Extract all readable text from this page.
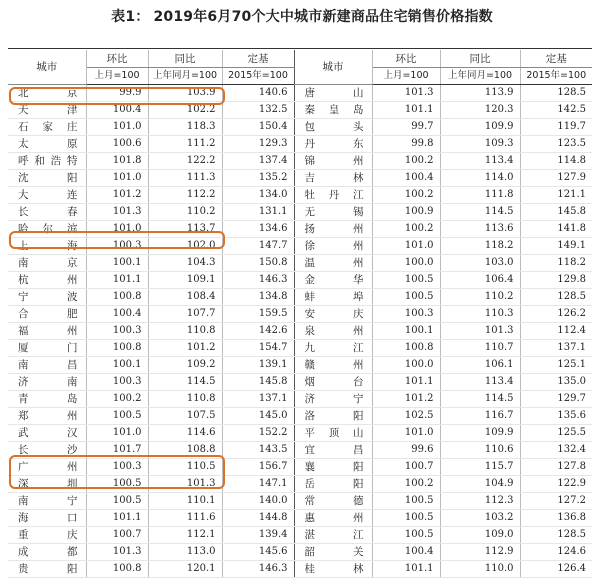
表1： 2019年6月70个大中城市新建商品住宅销售价格指数
城市	环比	同比	定基	城市	环比	同比	定基
	上月=100	上年同月=100	2015年=100		上月=100	上年同月=100	2015年=100
北　京	99.9	103.9	140.6	唐　山	101.3	113.9	128.5
天　津	100.4	102.2	132.5	秦皇岛	101.1	120.3	142.5
石家庄	101.0	118.3	150.4	包　头	99.7	109.9	119.7
太　原	100.6	111.2	129.3	丹　东	99.8	109.3	123.5
呼和浩特	101.8	122.2	137.4	锦　州	100.2	113.4	114.8
沈　阳	101.0	111.3	135.2	吉　林	100.4	114.0	127.9
大　连	101.2	112.2	134.0	牡丹江	100.2	111.8	121.1
长　春	101.3	110.2	131.1	无　锡	100.9	114.5	145.8
哈尔滨	101.0	113.7	134.6	扬　州	100.2	113.6	141.8
上　海	100.3	102.0	147.7	徐　州	101.0	118.2	149.1
南　京	100.1	104.3	150.8	温　州	100.0	103.0	118.2
杭　州	101.1	109.1	146.3	金　华	100.5	106.4	129.8
宁　波	100.8	108.4	134.8	蚌　埠	100.5	110.2	128.5
合　肥	100.4	107.7	159.5	安　庆	100.3	110.3	126.2
福　州	100.3	110.8	142.6	泉　州	100.1	101.3	112.4
厦　门	100.8	101.2	154.7	九　江	100.8	110.7	137.1
南　昌	100.1	109.2	139.1	赣　州	100.0	106.1	125.1
济　南	100.3	114.5	145.8	烟　台	101.1	113.4	135.0
青　岛	100.2	110.8	137.1	济　宁	101.2	114.5	129.7
郑　州	100.5	107.5	145.0	洛　阳	102.5	116.7	135.6
武　汉	101.0	114.6	152.2	平顶山	101.0	109.9	125.5
长　沙	101.7	108.8	143.5	宜　昌	99.6	110.6	132.4
广　州	100.3	110.5	156.7	襄　阳	100.7	115.7	127.8
深　圳	100.5	101.3	147.1	岳　阳	100.2	104.9	122.9
南　宁	100.5	110.1	140.0	常　德	100.5	112.3	127.2
海　口	101.1	111.6	144.8	惠　州	100.5	103.2	136.8
重　庆	100.7	112.1	139.4	湛　江	100.5	109.0	128.5
成　都	101.3	113.0	145.6	韶　关	100.4	112.9	124.6
贵　阳	100.8	120.1	146.3	桂　林	101.1	110.0	126.4
